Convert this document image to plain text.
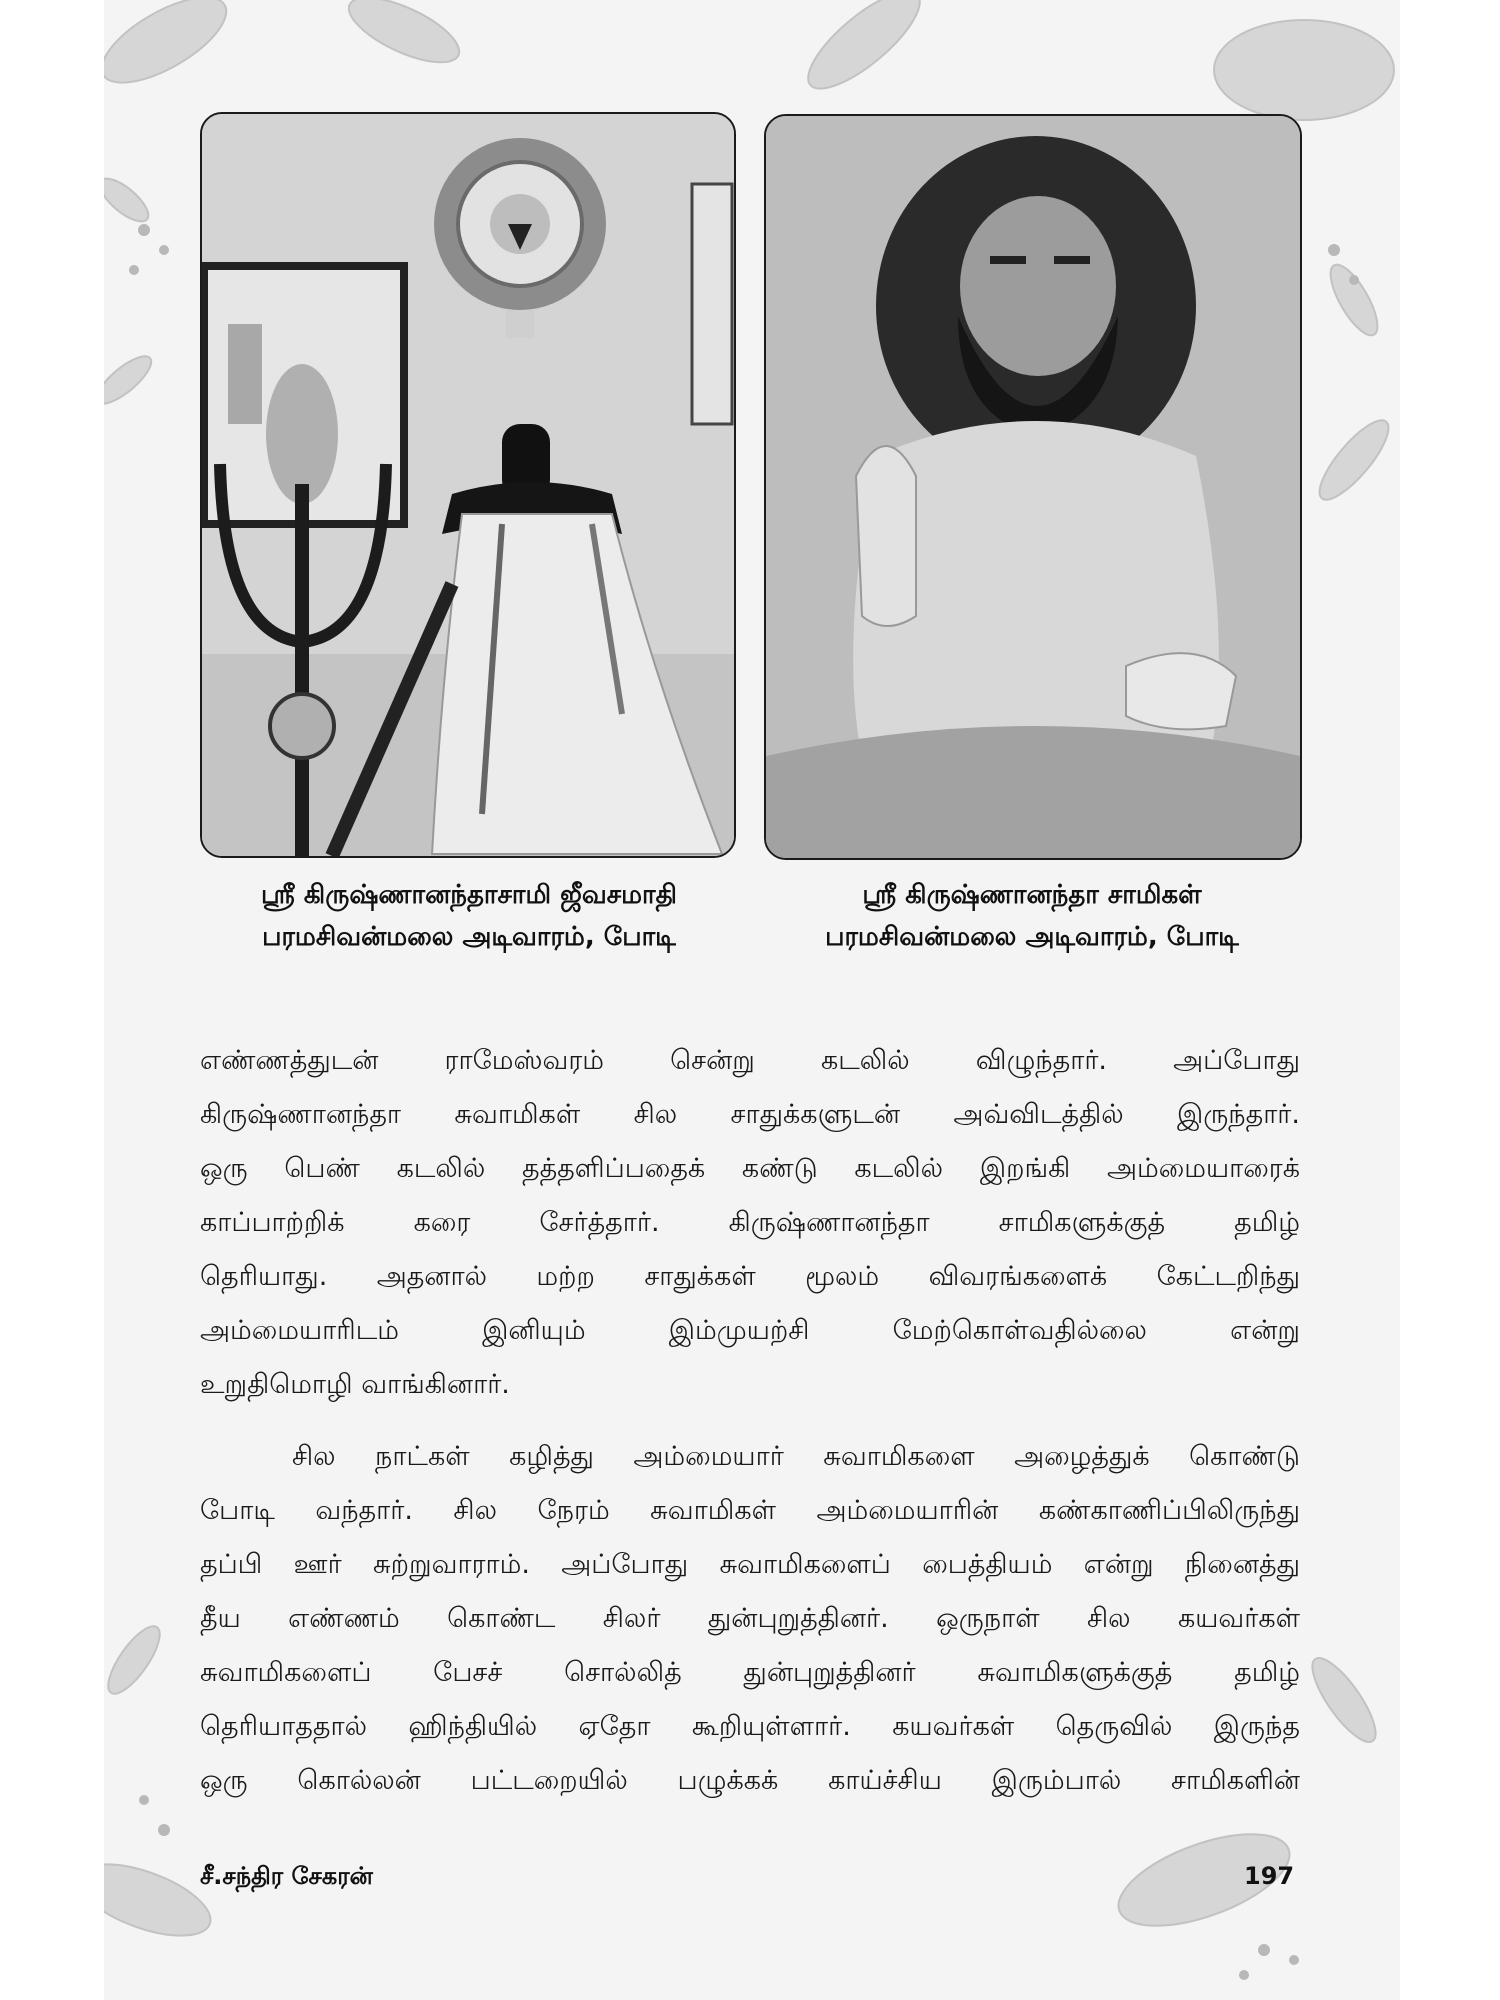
ஸ்ரீ கிருஷ்ணானந்தாசாமி ஜீவசமாதி
பரமசிவன்மலை அடிவாரம், போடி
ஸ்ரீ கிருஷ்ணானந்தா சாமிகள்
பரமசிவன்மலை அடிவாரம், போடி
எண்ணத்துடன் ராமேஸ்வரம் சென்று கடலில் விழுந்தார். அப்போது
கிருஷ்ணானந்தா சுவாமிகள் சில சாதுக்களுடன் அவ்விடத்தில் இருந்தார்.
ஒரு பெண் கடலில் தத்தளிப்பதைக் கண்டு கடலில் இறங்கி அம்மையாரைக்
காப்பாற்றிக் கரை சேர்த்தார். கிருஷ்ணானந்தா சாமிகளுக்குத் தமிழ்
தெரியாது. அதனால் மற்ற சாதுக்கள் மூலம் விவரங்களைக் கேட்டறிந்து
அம்மையாரிடம் இனியும் இம்முயற்சி மேற்கொள்வதில்லை என்று
உறுதிமொழி வாங்கினார்.
சில நாட்கள் கழித்து அம்மையார் சுவாமிகளை அழைத்துக் கொண்டு
போடி வந்தார். சில நேரம் சுவாமிகள் அம்மையாரின் கண்காணிப்பிலிருந்து
தப்பி ஊர் சுற்றுவாராம். அப்போது சுவாமிகளைப் பைத்தியம் என்று நினைத்து
தீய எண்ணம் கொண்ட சிலர் துன்புறுத்தினர். ஒருநாள் சில கயவர்கள்
சுவாமிகளைப் பேசச் சொல்லித் துன்புறுத்தினர் சுவாமிகளுக்குத் தமிழ்
தெரியாததால் ஹிந்தியில் ஏதோ கூறியுள்ளார். கயவர்கள் தெருவில் இருந்த
ஒரு கொல்லன் பட்டறையில் பழுக்கக் காய்ச்சிய இரும்பால் சாமிகளின்
சீ.சந்திர சேகரன்	197
